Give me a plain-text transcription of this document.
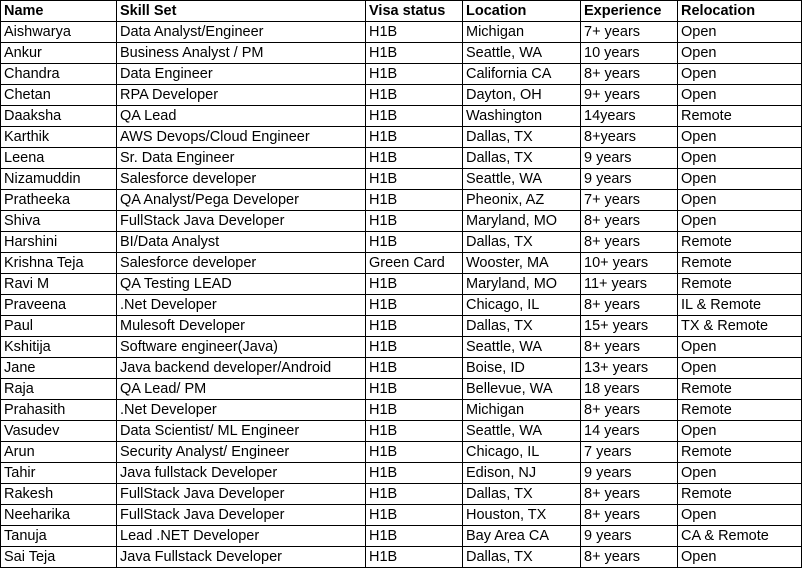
Name	Skill Set	Visa status	Location	Experience	Relocation
Aishwarya	Data Analyst/Engineer	H1B	Michigan	7+ years	Open
Ankur	Business Analyst / PM	H1B	Seattle, WA	10 years	Open
Chandra	Data Engineer	H1B	California CA	8+ years	Open
Chetan	RPA Developer	H1B	Dayton, OH	9+ years	Open
Daaksha	QA Lead	H1B	Washington	14years	Remote
Karthik	AWS Devops/Cloud Engineer	H1B	Dallas, TX	8+years	Open
Leena	Sr. Data Engineer	H1B	Dallas, TX	9 years	Open
Nizamuddin	Salesforce developer	H1B	Seattle, WA	9 years	Open
Pratheeka	QA Analyst/Pega Developer	H1B	Pheonix, AZ	7+ years	Open
Shiva	FullStack Java Developer	H1B	Maryland, MO	8+ years	Open
Harshini	BI/Data Analyst	H1B	Dallas, TX	8+ years	Remote
Krishna Teja	Salesforce developer	Green Card	Wooster, MA	10+ years	Remote
Ravi M	QA Testing LEAD	H1B	Maryland, MO	11+ years	Remote
Praveena	.Net Developer	H1B	Chicago, IL	8+ years	IL & Remote
Paul	Mulesoft Developer	H1B	Dallas, TX	15+ years	TX & Remote
Kshitija	Software engineer(Java)	H1B	Seattle, WA	8+ years	Open
Jane	Java backend developer/Android	H1B	Boise, ID	13+ years	Open
Raja	QA Lead/ PM	H1B	Bellevue, WA	18 years	Remote
Prahasith	.Net Developer	H1B	Michigan	8+ years	Remote
Vasudev	Data Scientist/ ML Engineer	H1B	Seattle, WA	14 years	Open
Arun	Security Analyst/ Engineer	H1B	Chicago, IL	7 years	Remote
Tahir	Java fullstack Developer	H1B	Edison, NJ	9 years	Open
Rakesh	FullStack Java Developer	H1B	Dallas, TX	8+ years	Remote
Neeharika	FullStack Java Developer	H1B	Houston, TX	8+ years	Open
Tanuja	Lead .NET Developer	H1B	Bay Area CA	9 years	CA & Remote
Sai Teja	Java Fullstack Developer	H1B	Dallas, TX	8+ years	Open
